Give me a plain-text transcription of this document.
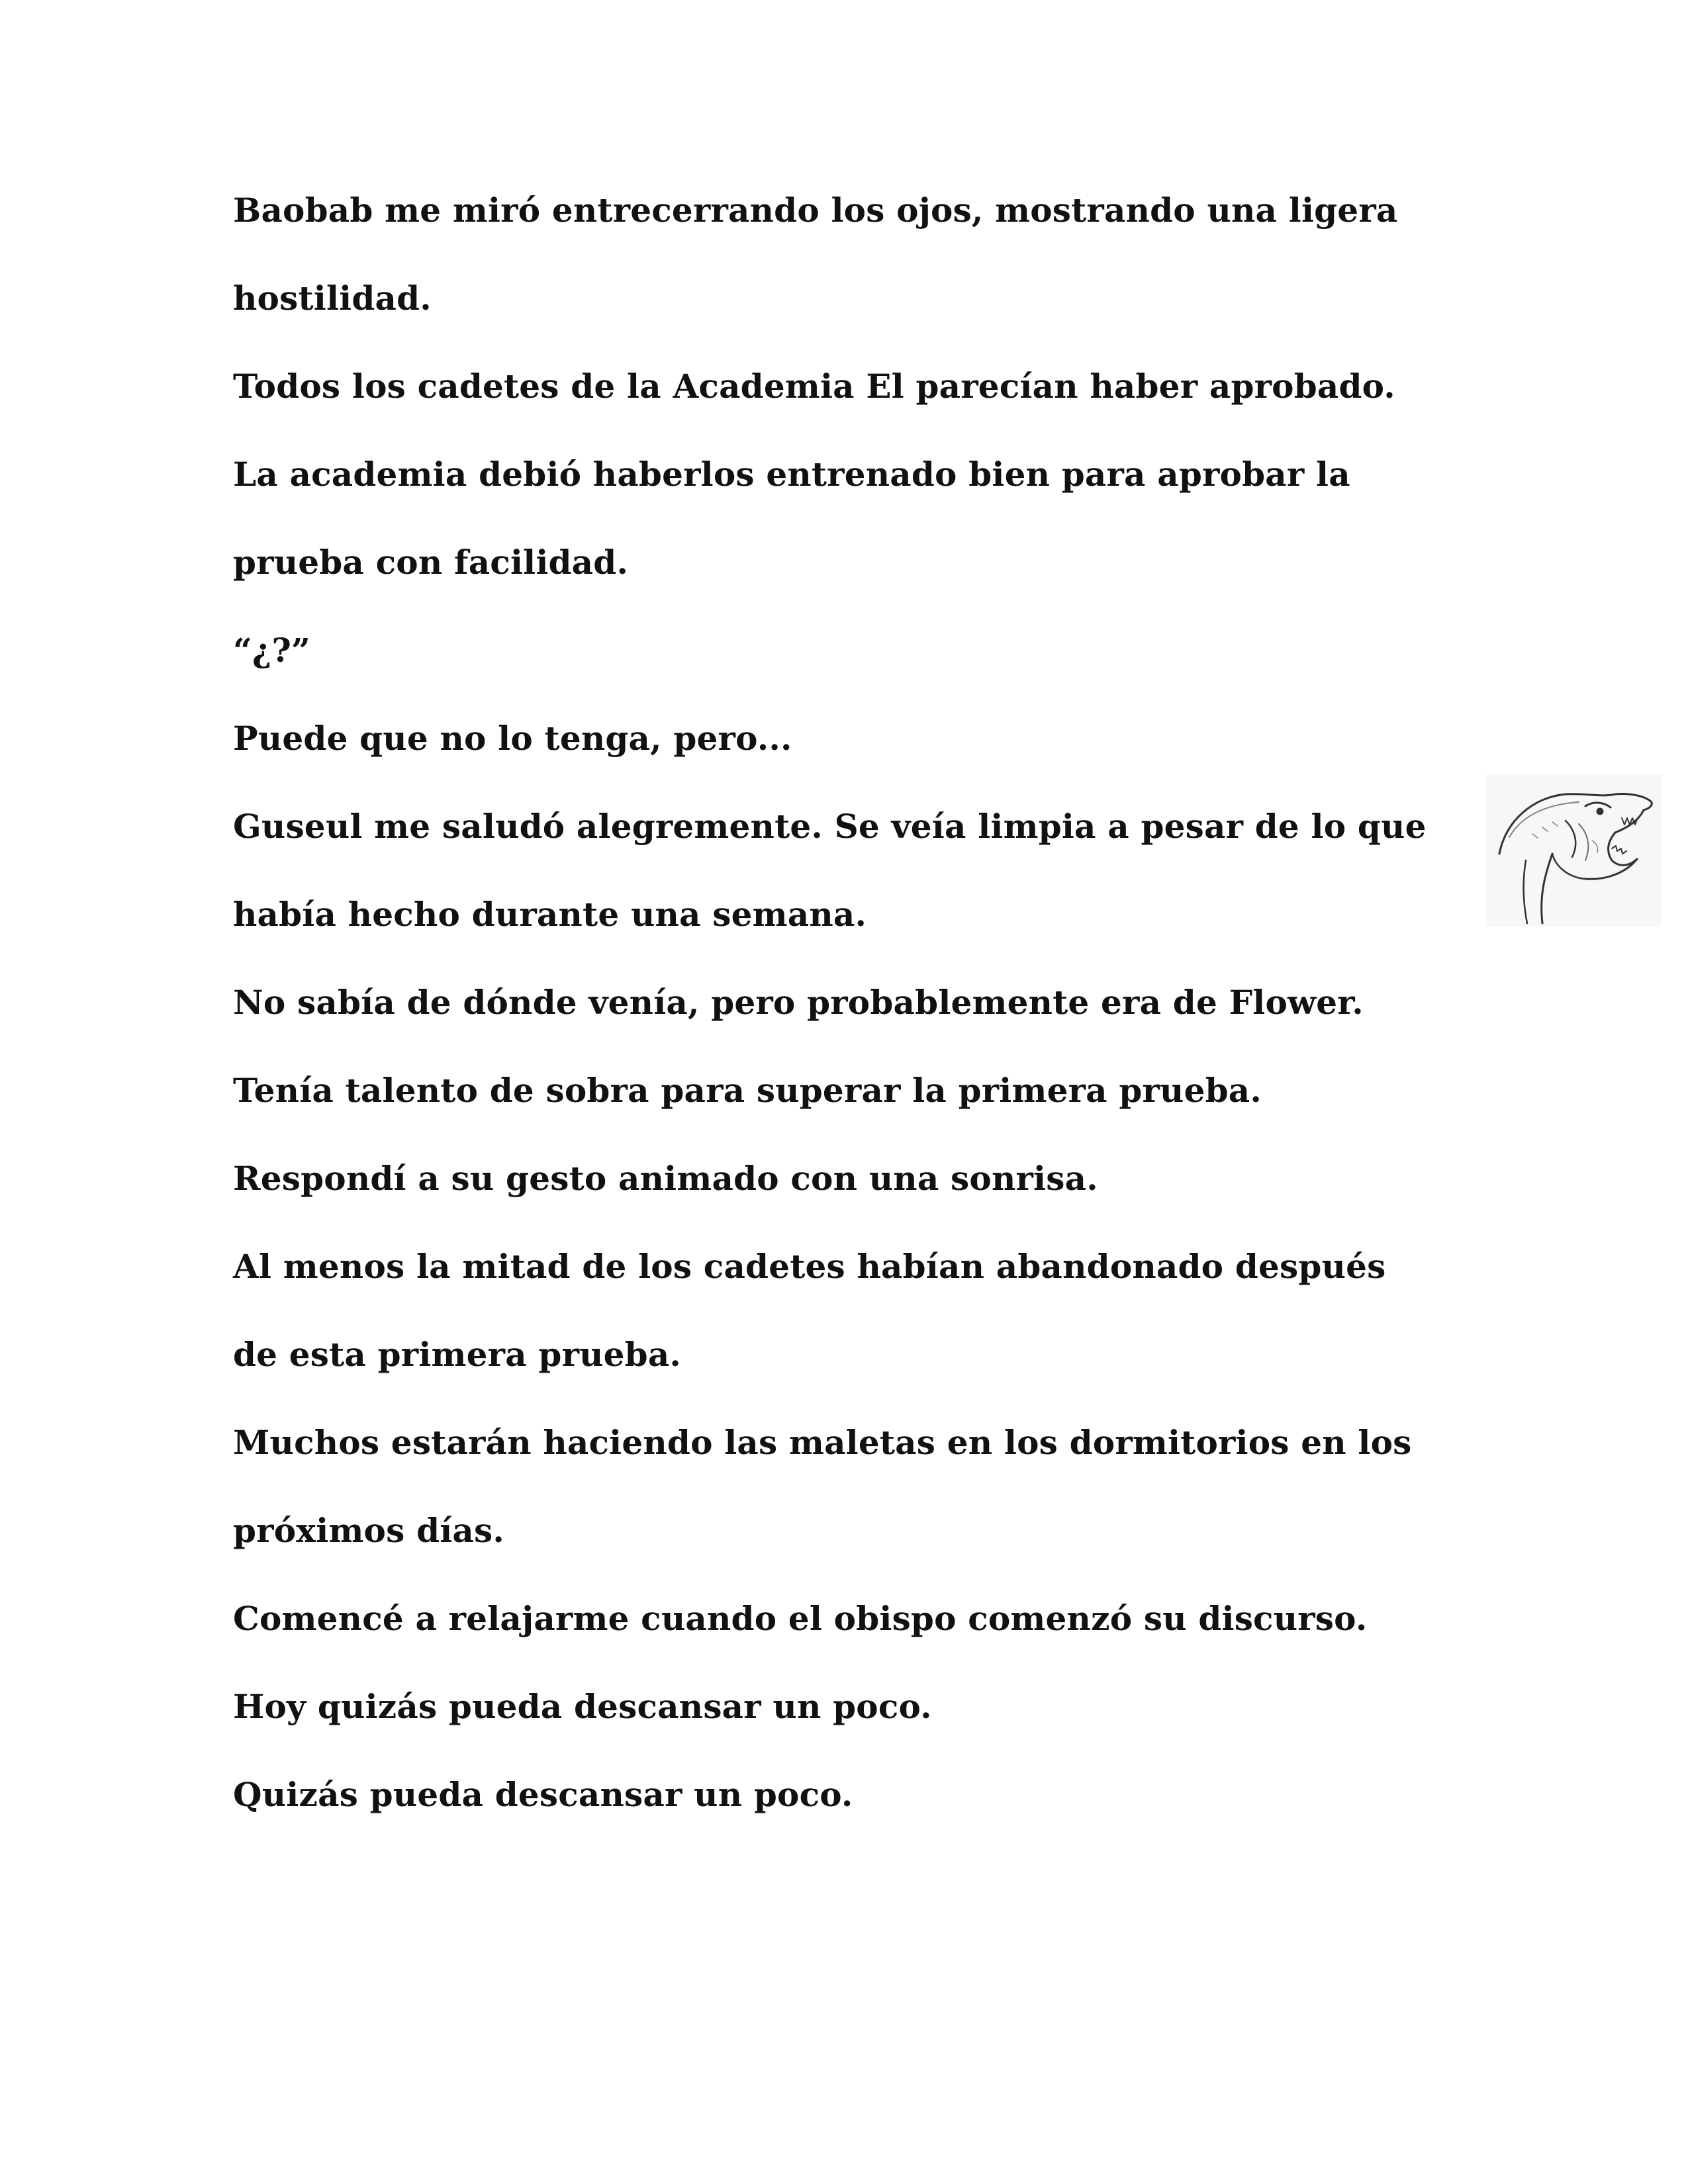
Baobab me miró entrecerrando los ojos, mostrando una ligera
hostilidad.
Todos los cadetes de la Academia El parecían haber aprobado.
La academia debió haberlos entrenado bien para aprobar la
prueba con facilidad.
“¿?”
Puede que no lo tenga, pero...
Guseul me saludó alegremente. Se veía limpia a pesar de lo que
había hecho durante una semana.
No sabía de dónde venía, pero probablemente era de Flower.
Tenía talento de sobra para superar la primera prueba.
Respondí a su gesto animado con una sonrisa.
Al menos la mitad de los cadetes habían abandonado después
de esta primera prueba.
Muchos estarán haciendo las maletas en los dormitorios en los
próximos días.
Comencé a relajarme cuando el obispo comenzó su discurso.
Hoy quizás pueda descansar un poco.
Quizás pueda descansar un poco.
